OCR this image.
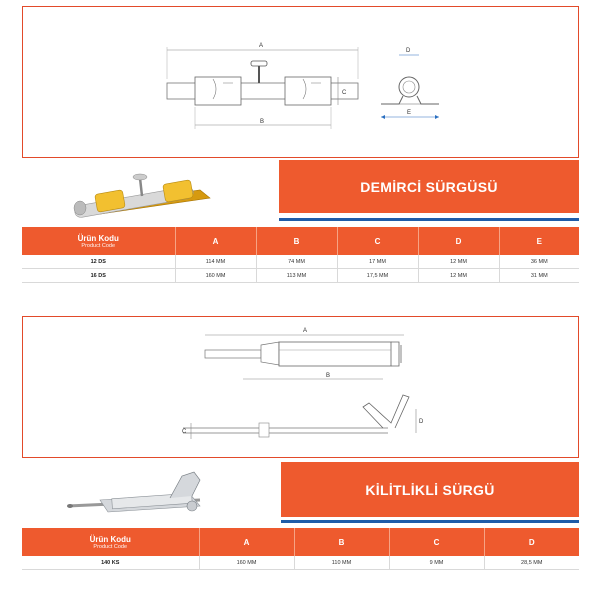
A
B
C
D
E
DEMİRCİ SÜRGÜSÜ
Ürün Kodu
Product Code	A	B	C	D	E
12 DS	114 MM	74 MM	17 MM	12 MM	36 MM
16 DS	160 MM	113 MM	17,5 MM	12 MM	31 MM
A
B
C
D
KİLİTLİKLİ SÜRGÜ
Ürün Kodu
Product Code	A	B	C	D
140 KS	160 MM	110 MM	9 MM	28,5 MM
